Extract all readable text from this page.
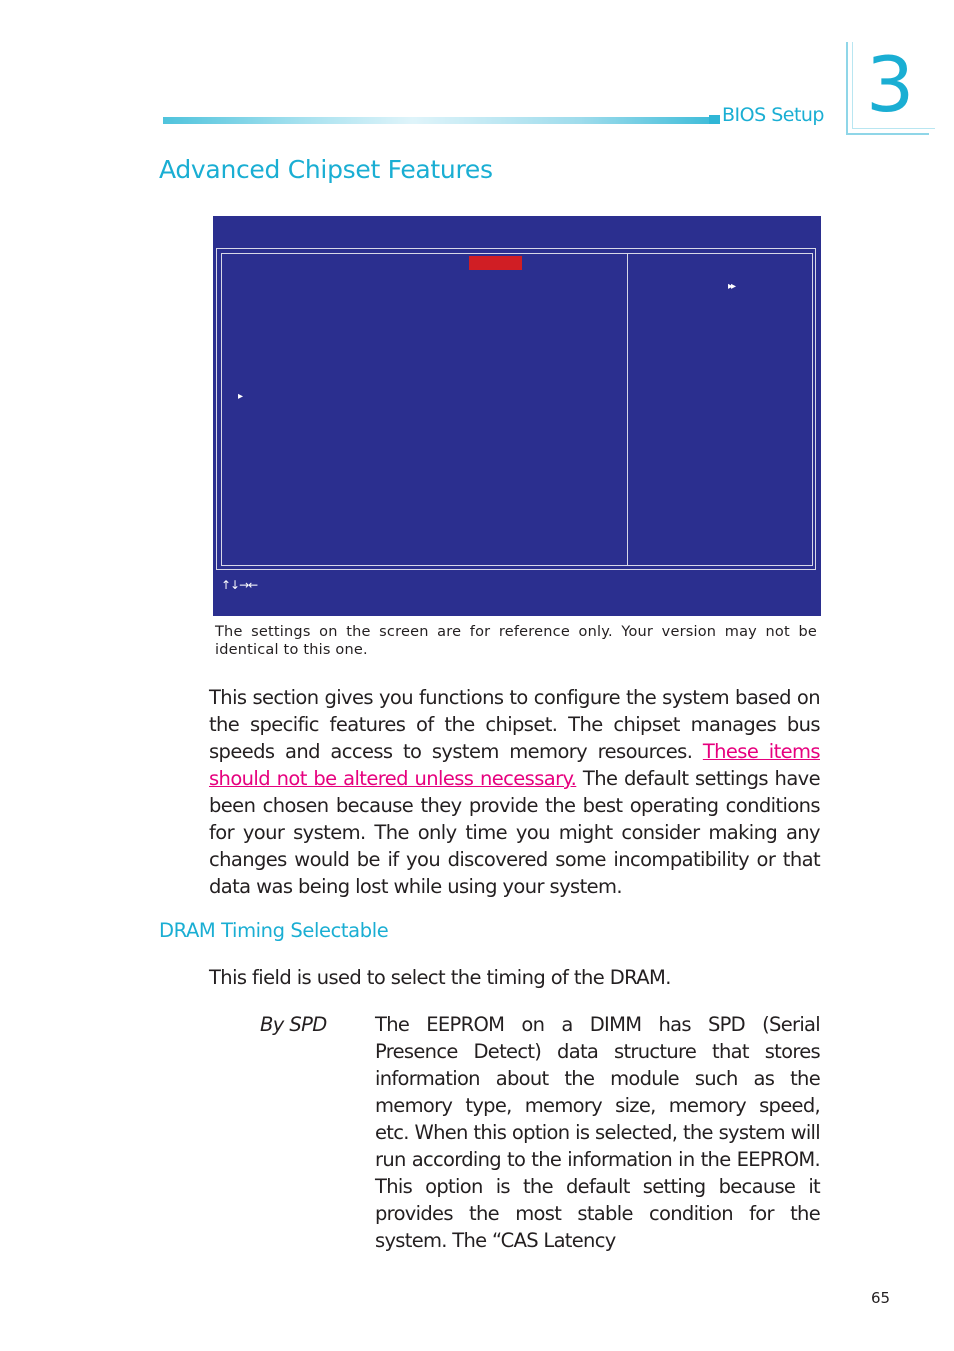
BIOS Setup 3
Advanced Chipset Features
▸▸
▸
↑↓→←
The settings on the screen are for reference only. Your version may not be identical to this one.
This section gives you functions to configure the system based on the specific features of the chipset. The chipset manages bus speeds and access to system memory resources. These items should not be altered unless necessary. The default settings have been chosen because they provide the best operating conditions for your system. The only time you might consider making any changes would be if you discovered some incompatibility or that data was being lost while using your system.
DRAM Timing Selectable
This field is used to select the timing of the DRAM.
By SPD The EEPROM on a DIMM has SPD (Serial Presence Detect) data structure that stores information about the module such as the memory type, memory size, memory speed, etc. When this option is selected, the system will run according to the information in the EEPROM. This option is the default setting because it provides the most stable condition for the system. The “CAS Latency
65
